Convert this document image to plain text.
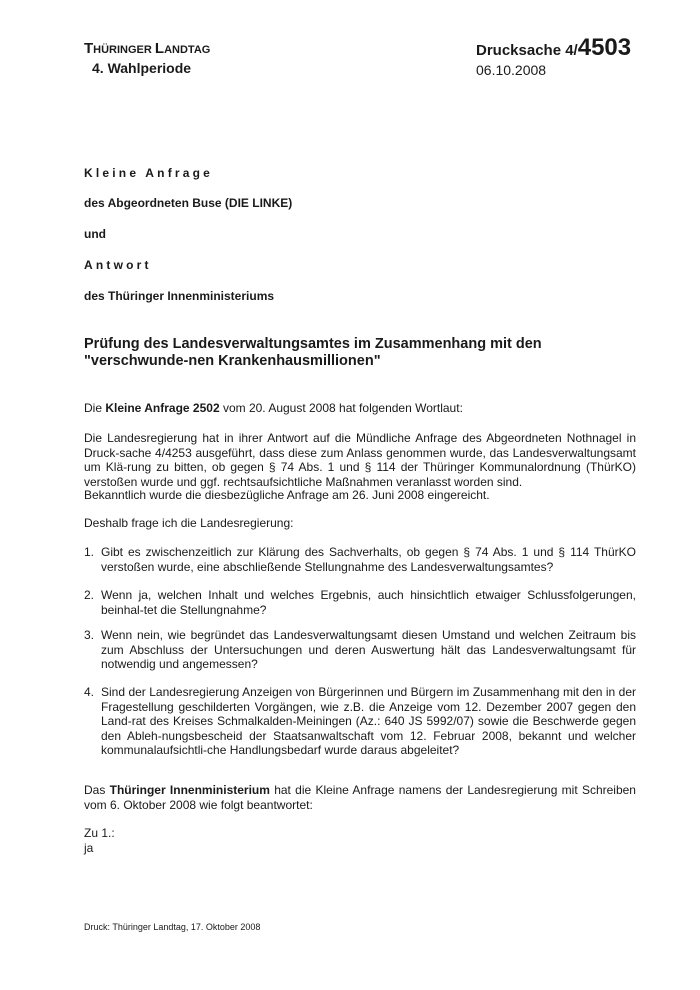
THÜRINGER LANDTAG
4. Wahlperiode
Drucksache 4/4503
06.10.2008
Kleine Anfrage
des Abgeordneten Buse (DIE LINKE)
und
Antwort
des Thüringer Innenministeriums
Prüfung des Landesverwaltungsamtes im Zusammenhang mit den "verschwunde-nen Krankenhausmillionen"
Die Kleine Anfrage 2502 vom 20. August 2008 hat folgenden Wortlaut:
Die Landesregierung hat in ihrer Antwort auf die Mündliche Anfrage des Abgeordneten Nothnagel in Druck-sache 4/4253 ausgeführt, dass diese zum Anlass genommen wurde, das Landesverwaltungsamt um Klä-rung zu bitten, ob gegen § 74 Abs. 1 und § 114 der Thüringer Kommunalordnung (ThürKO) verstoßen wurde und ggf. rechtsaufsichtliche Maßnahmen veranlasst worden sind.
Bekanntlich wurde die diesbezügliche Anfrage am 26. Juni 2008 eingereicht.
Deshalb frage ich die Landesregierung:
1. Gibt es zwischenzeitlich zur Klärung des Sachverhalts, ob gegen § 74 Abs. 1 und § 114 ThürKO verstoßen wurde, eine abschließende Stellungnahme des Landesverwaltungsamtes?
2. Wenn ja, welchen Inhalt und welches Ergebnis, auch hinsichtlich etwaiger Schlussfolgerungen, beinhal-tet die Stellungnahme?
3. Wenn nein, wie begründet das Landesverwaltungsamt diesen Umstand und welchen Zeitraum bis zum Abschluss der Untersuchungen und deren Auswertung hält das Landesverwaltungsamt für notwendig und angemessen?
4. Sind der Landesregierung Anzeigen von Bürgerinnen und Bürgern im Zusammenhang mit den in der Fragestellung geschilderten Vorgängen, wie z.B. die Anzeige vom 12. Dezember 2007 gegen den Land-rat des Kreises Schmalkalden-Meiningen (Az.: 640 JS 5992/07) sowie die Beschwerde gegen den Ableh-nungsbescheid der Staatsanwaltschaft vom 12. Februar 2008, bekannt und welcher kommunalaufsichtli-che Handlungsbedarf wurde daraus abgeleitet?
Das Thüringer Innenministerium hat die Kleine Anfrage namens der Landesregierung mit Schreiben vom 6. Oktober 2008 wie folgt beantwortet:
Zu 1.:
ja
Druck: Thüringer Landtag, 17. Oktober 2008
